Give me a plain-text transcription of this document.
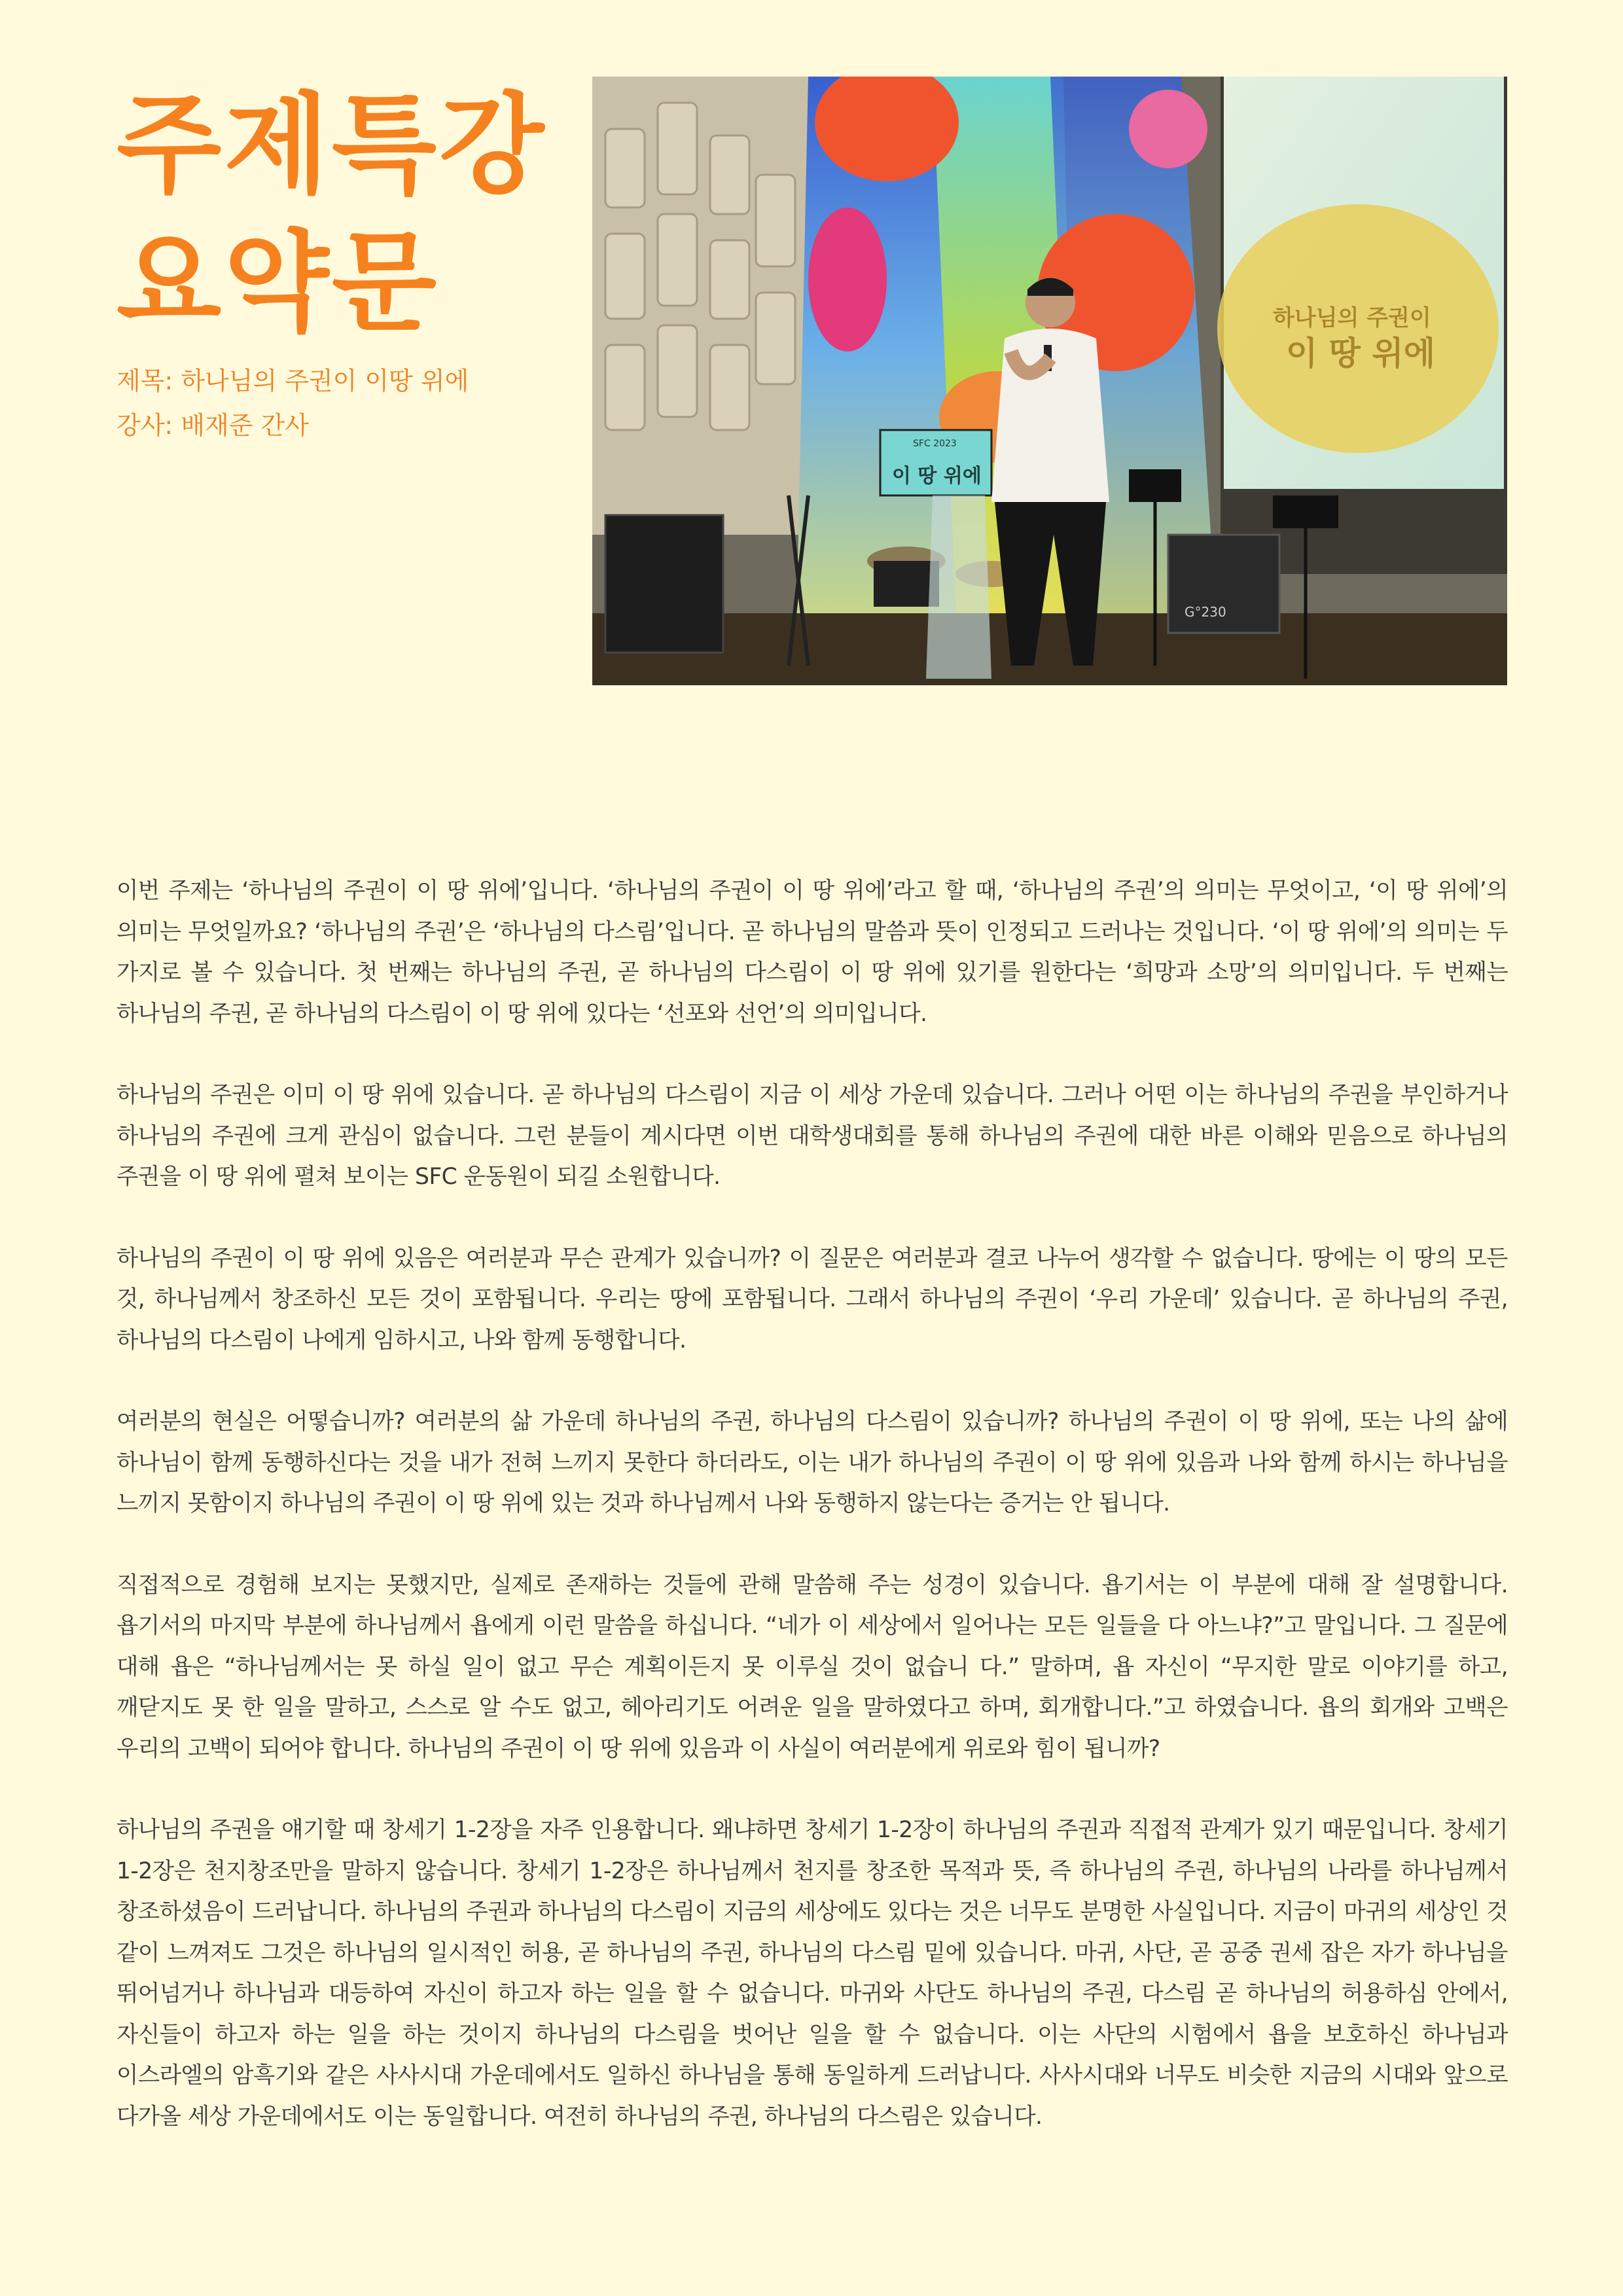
주제특강
요약문
제목: 하나님의 주권이 이땅 위에
강사: 배재준 간사
하나님의 주권이
이 땅 위에
G°230
SFC 2023
이 땅 위에

이번 주제는 ‘하나님의 주권이 이 땅 위에’입니다. ‘하나님의 주권이 이 땅 위에’라고 할 때, ‘하나님의 주권’의 의미는 무엇이고, ‘이 땅 위에’의 의미는 무엇일까요? ‘하나님의 주권’은 ‘하나님의 다스림’입니다. 곧 하나님의 말씀과 뜻이 인정되고 드러나는 것입니다. ‘이 땅 위에’의 의미는 두 가지로 볼 수 있습니다. 첫 번째는 하나님의 주권, 곧 하나님의 다스림이 이 땅 위에 있기를 원한다는 ‘희망과 소망’의 의미입니다. 두 번째는 하나님의 주권, 곧 하나님의 다스림이 이 땅 위에 있다는 ‘선포와 선언’의 의미입니다.

하나님의 주권은 이미 이 땅 위에 있습니다. 곧 하나님의 다스림이 지금 이 세상 가운데 있습니다. 그러나 어떤 이는 하나님의 주권을 부인하거나 하나님의 주권에 크게 관심이 없습니다. 그런 분들이 계시다면 이번 대학생대회를 통해 하나님의 주권에 대한 바른 이해와 믿음으로 하나님의 주권을 이 땅 위에 펼쳐 보이는 SFC 운동원이 되길 소원합니다.

하나님의 주권이 이 땅 위에 있음은 여러분과 무슨 관계가 있습니까? 이 질문은 여러분과 결코 나누어 생각할 수 없습니다. 땅에는 이 땅의 모든 것, 하나님께서 창조하신 모든 것이 포함됩니다. 우리는 땅에 포함됩니다. 그래서 하나님의 주권이 ‘우리 가운데’ 있습니다. 곧 하나님의 주권, 하나님의 다스림이 나에게 임하시고, 나와 함께 동행합니다.

여러분의 현실은 어떻습니까? 여러분의 삶 가운데 하나님의 주권, 하나님의 다스림이 있습니까? 하나님의 주권이 이 땅 위에, 또는 나의 삶에 하나님이 함께 동행하신다는 것을 내가 전혀 느끼지 못한다 하더라도, 이는 내가 하나님의 주권이 이 땅 위에 있음과 나와 함께 하시는 하나님을 느끼지 못함이지 하나님의 주권이 이 땅 위에 있는 것과 하나님께서 나와 동행하지 않는다는 증거는 안 됩니다.

직접적으로 경험해 보지는 못했지만, 실제로 존재하는 것들에 관해 말씀해 주는 성경이 있습니다. 욥기서는 이 부분에 대해 잘 설명합니다. 욥기서의 마지막 부분에 하나님께서 욥에게 이런 말씀을 하십니다. “네가 이 세상에서 일어나는 모든 일들을 다 아느냐?”고 말입니다. 그 질문에 대해 욥은 “하나님께서는 못 하실 일이 없고 무슨 계획이든지 못 이루실 것이 없습니 다.” 말하며, 욥 자신이 “무지한 말로 이야기를 하고, 깨닫지도 못 한 일을 말하고, 스스로 알 수도 없고, 헤아리기도 어려운 일을 말하였다고 하며, 회개합니다.”고 하였습니다. 욥의 회개와 고백은 우리의 고백이 되어야 합니다. 하나님의 주권이 이 땅 위에 있음과 이 사실이 여러분에게 위로와 힘이 됩니까?

하나님의 주권을 얘기할 때 창세기 1-2장을 자주 인용합니다. 왜냐하면 창세기 1-2장이 하나님의 주권과 직접적 관계가 있기 때문입니다. 창세기 1-2장은 천지창조만을 말하지 않습니다. 창세기 1-2장은 하나님께서 천지를 창조한 목적과 뜻, 즉 하나님의 주권, 하나님의 나라를 하나님께서 창조하셨음이 드러납니다. 하나님의 주권과 하나님의 다스림이 지금의 세상에도 있다는 것은 너무도 분명한 사실입니다. 지금이 마귀의 세상인 것 같이 느껴져도 그것은 하나님의 일시적인 허용, 곧 하나님의 주권, 하나님의 다스림 밑에 있습니다. 마귀, 사단, 곧 공중 권세 잡은 자가 하나님을 뛰어넘거나 하나님과 대등하여 자신이 하고자 하는 일을 할 수 없습니다. 마귀와 사단도 하나님의 주권, 다스림 곧 하나님의 허용하심 안에서, 자신들이 하고자 하는 일을 하는 것이지 하나님의 다스림을 벗어난 일을 할 수 없습니다. 이는 사단의 시험에서 욥을 보호하신 하나님과 이스라엘의 암흑기와 같은 사사시대 가운데에서도 일하신 하나님을 통해 동일하게 드러납니다. 사사시대와 너무도 비슷한 지금의 시대와 앞으로 다가올 세상 가운데에서도 이는 동일합니다. 여전히 하나님의 주권, 하나님의 다스림은 있습니다.
